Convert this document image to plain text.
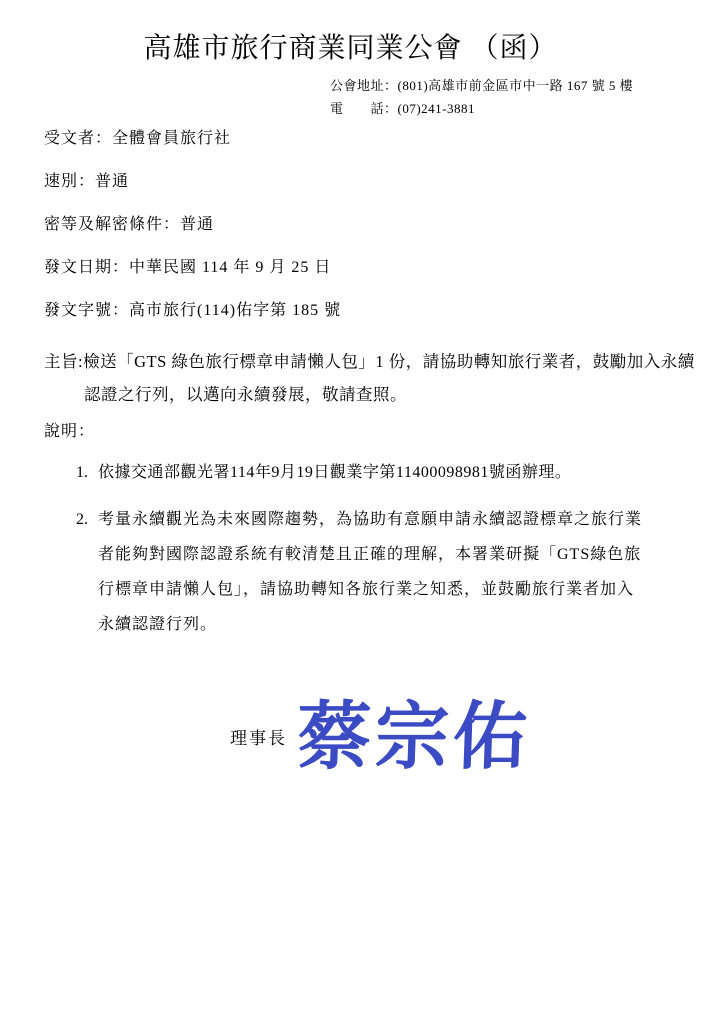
高雄市旅行商業同業公會 （函）
公會地址：(801)高雄市前金區市中一路 167 號 5 樓
電　　話：(07)241-3881
受文者：全體會員旅行社
速別：普通
密等及解密條件：普通
發文日期：中華民國 114 年 9 月 25 日
發文字號：高市旅行(114)佑字第 185 號
主旨:檢送「GTS 綠色旅行標章申請懶人包」1 份，請協助轉知旅行業者，鼓勵加入永續認證之行列，以邁向永續發展，敬請查照。
說明：
1. 依據交通部觀光署114年9月19日觀業字第11400098981號函辦理。
2. 考量永續觀光為未來國際趨勢，為協助有意願申請永續認證標章之旅行業者能夠對國際認證系統有較清楚且正確的理解，本署業研擬「GTS綠色旅行標章申請懶人包」，請協助轉知各旅行業之知悉，並鼓勵旅行業者加入永續認證行列。
理事長 蔡宗佑
